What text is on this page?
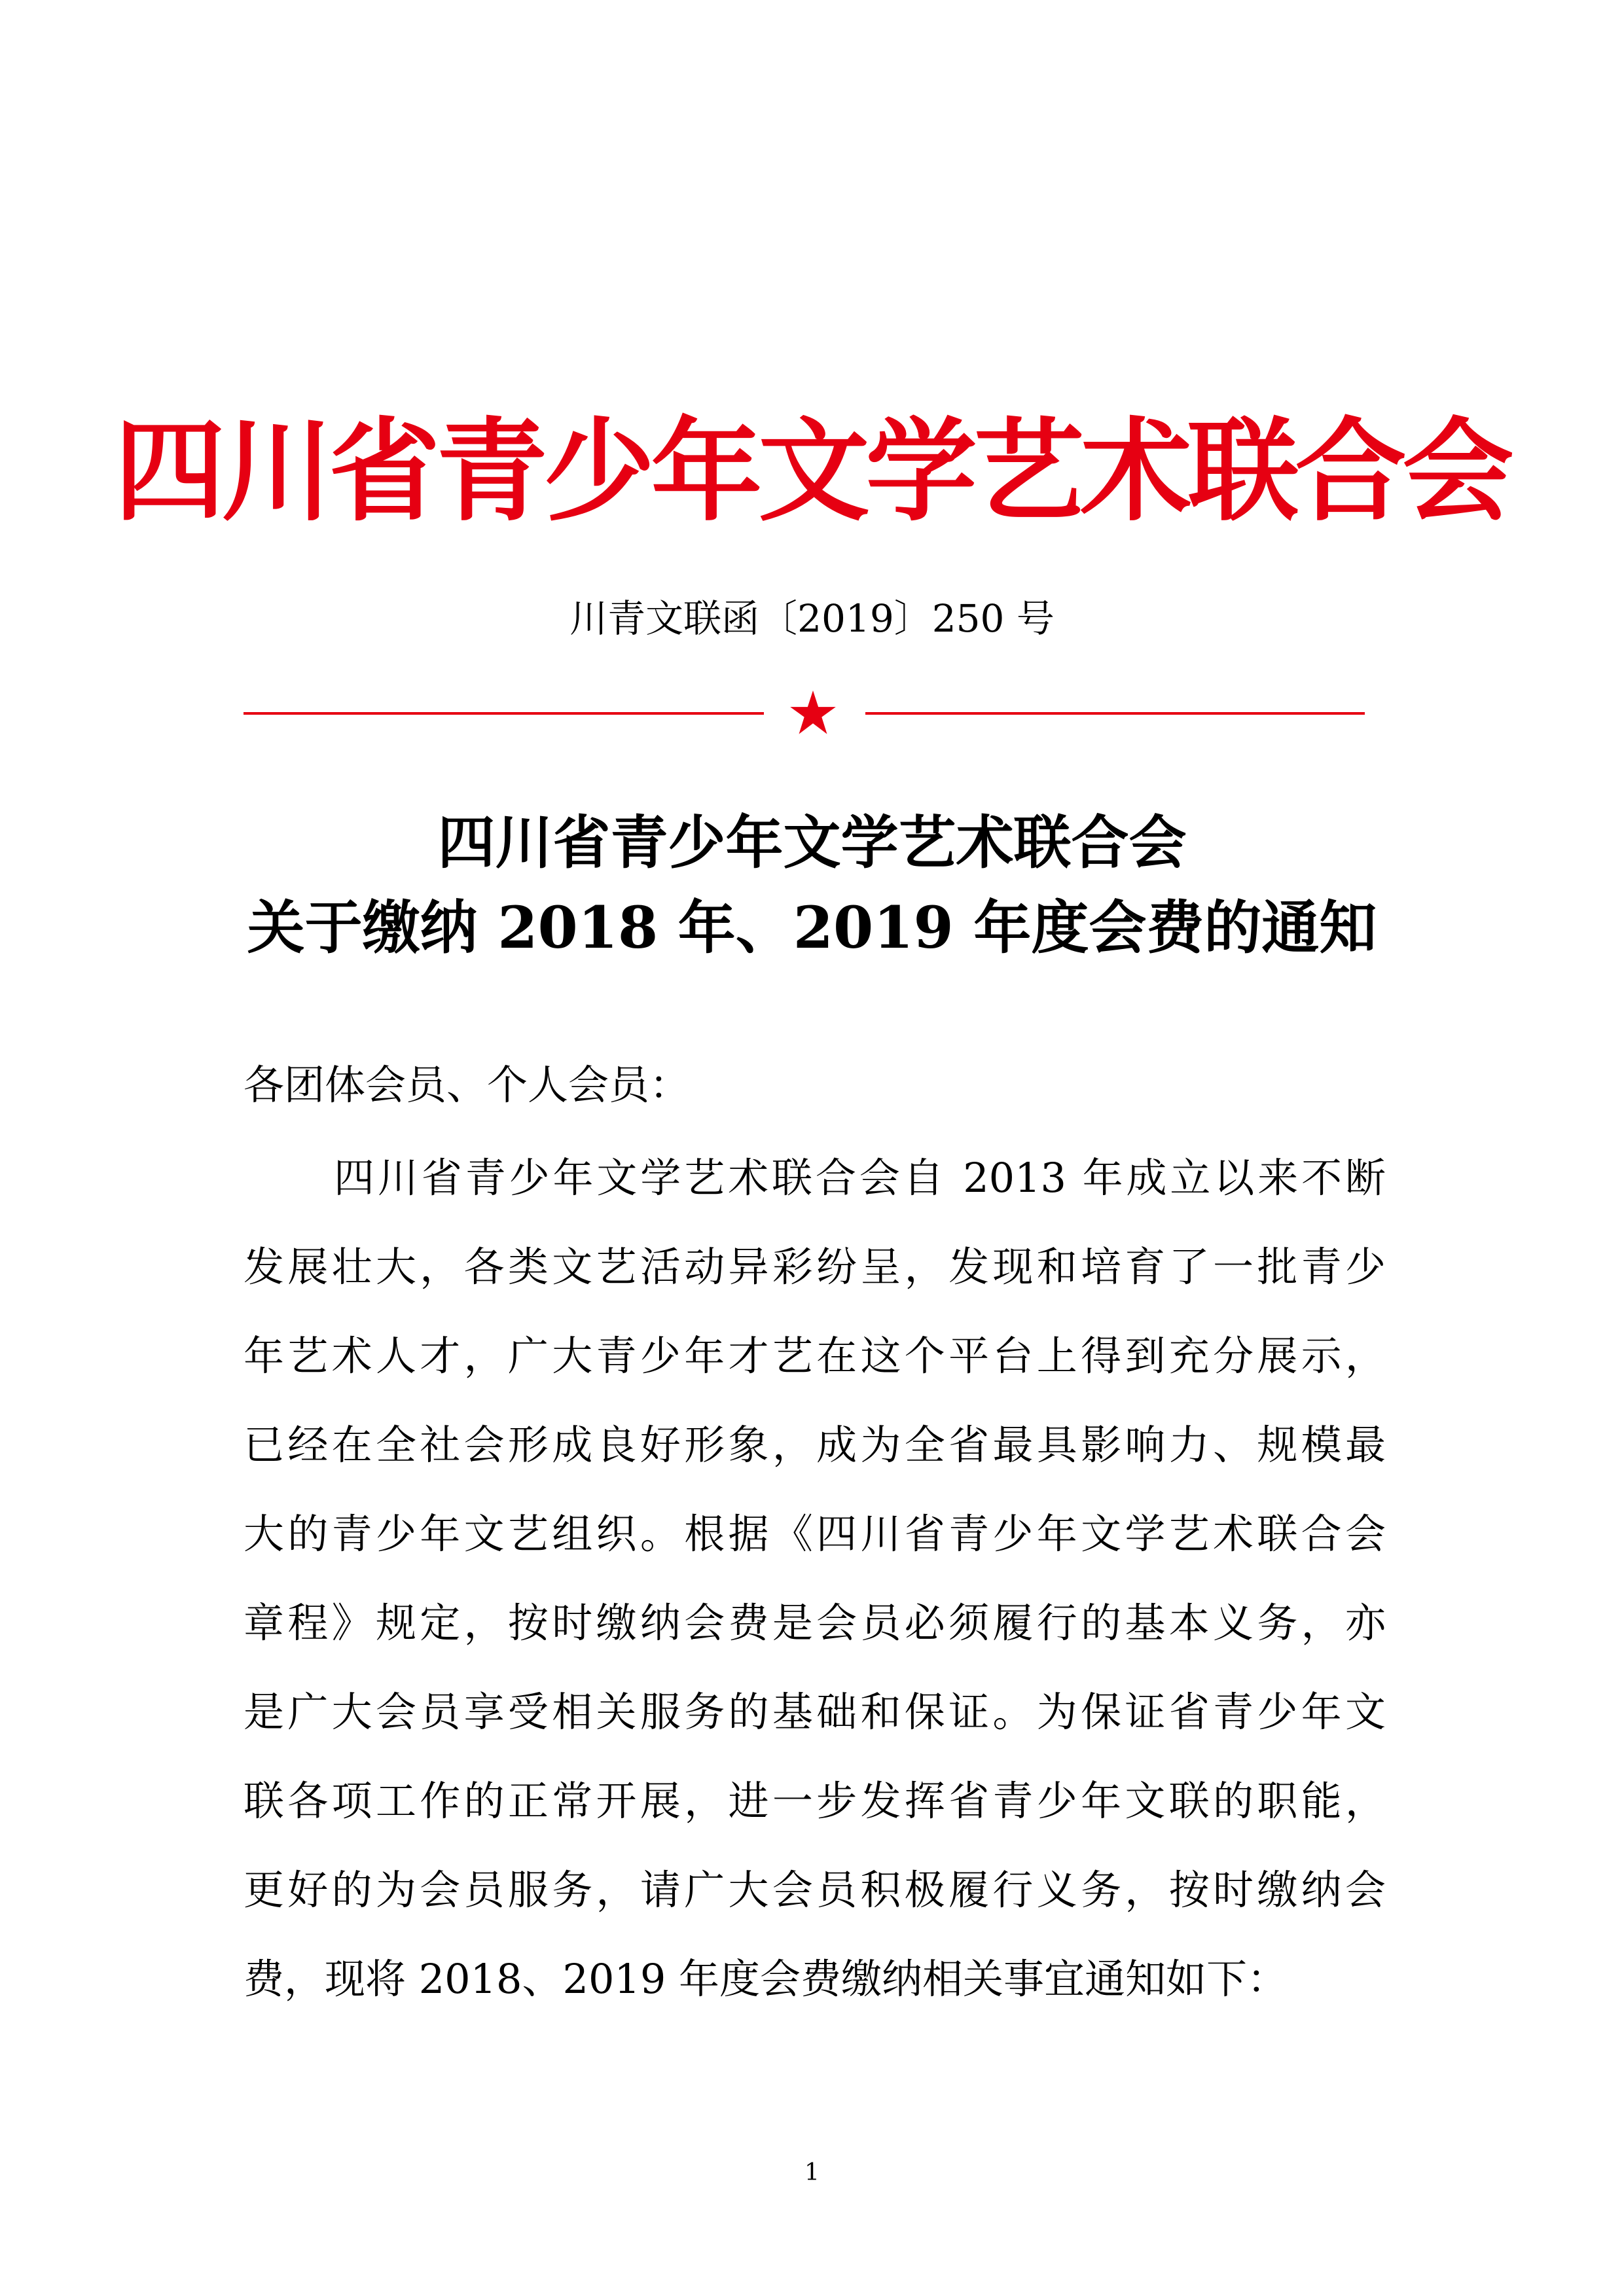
四川省青少年文学艺术联合会
川青文联函〔2019〕250 号
四川省青少年文学艺术联合会
关于缴纳 2018 年、2019 年度会费的通知
各团体会员、个人会员：
四川省青少年文学艺术联合会自 2013 年成立以来不断
发展壮大，各类文艺活动异彩纷呈，发现和培育了一批青少
年艺术人才，广大青少年才艺在这个平台上得到充分展示，
已经在全社会形成良好形象，成为全省最具影响力、规模最
大的青少年文艺组织。根据《四川省青少年文学艺术联合会
章程》规定，按时缴纳会费是会员必须履行的基本义务，亦
是广大会员享受相关服务的基础和保证。为保证省青少年文
联各项工作的正常开展，进一步发挥省青少年文联的职能，
更好的为会员服务，请广大会员积极履行义务，按时缴纳会
费，现将 2018、2019 年度会费缴纳相关事宜通知如下：
1
